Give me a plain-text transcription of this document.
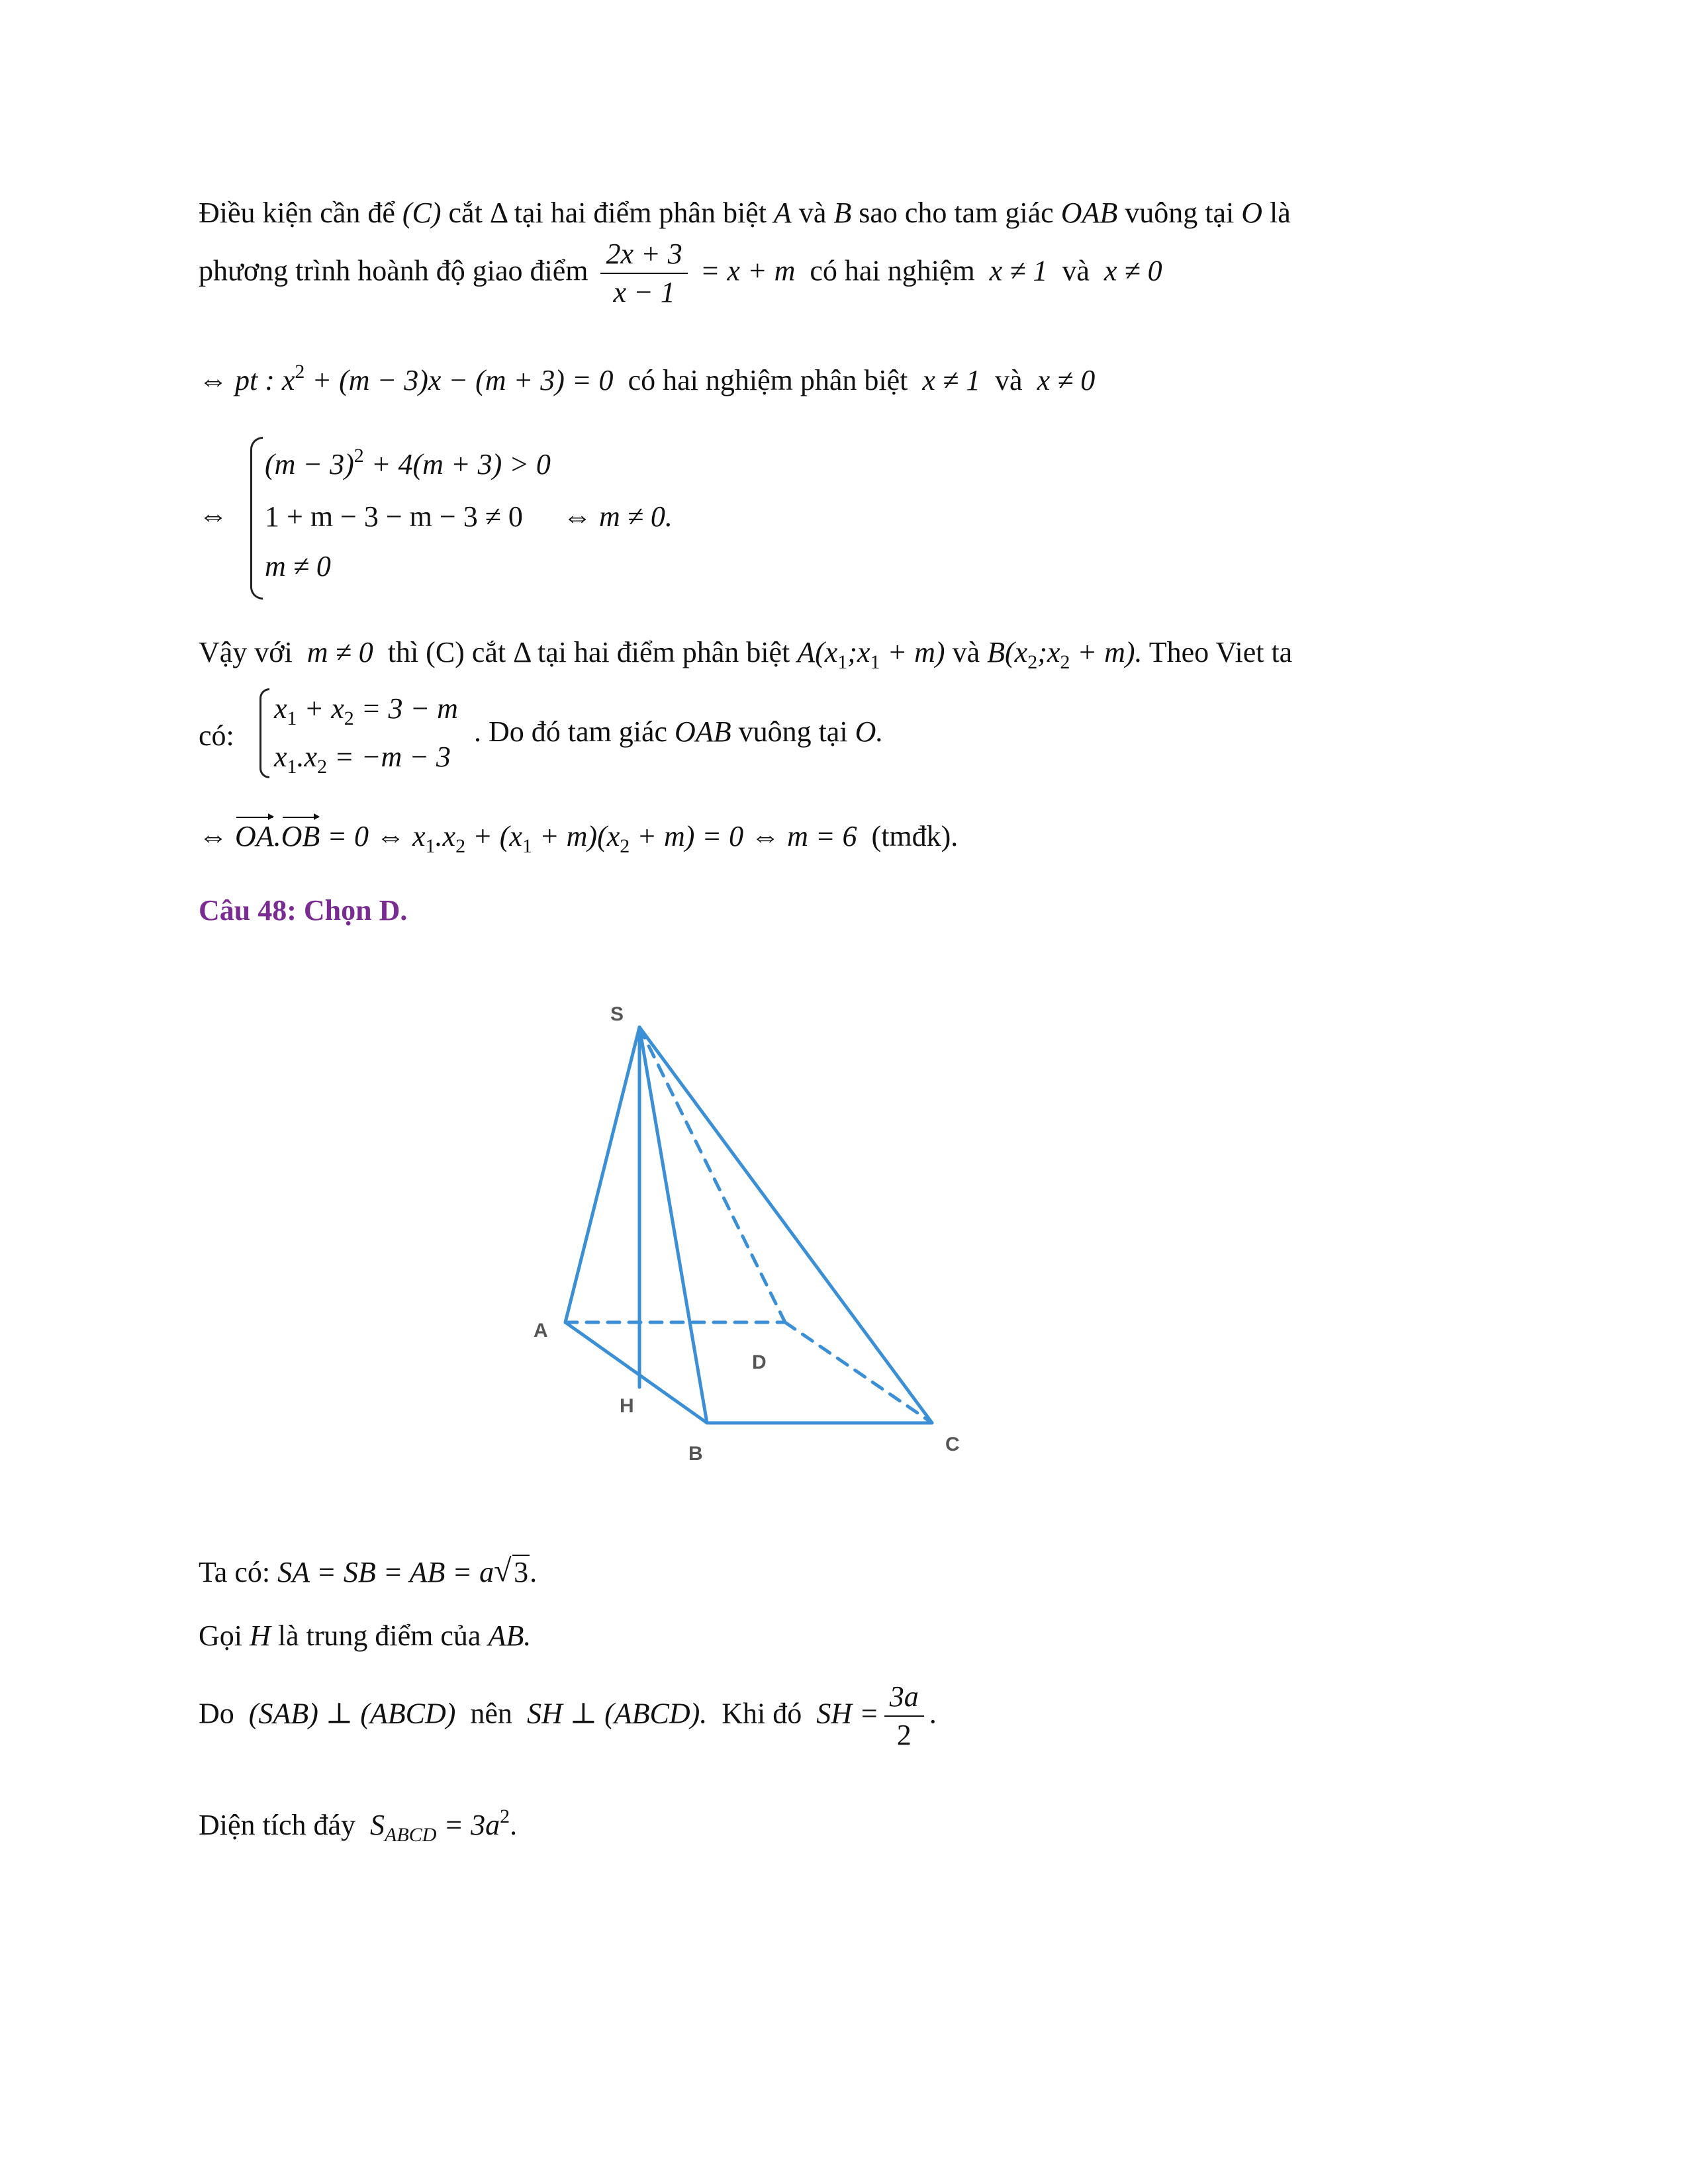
Điều kiện cần để (C) cắt Δ tại hai điểm phân biệt A và B sao cho tam giác OAB vuông tại O là
phương trình hoành độ giao điểm $\frac{2x + 3}{x - 1} = x + m$ có hai nghiệm x ≠ 1 và x ≠ 0
⇔ pt : $x^2 + (m - 3)x - (m + 3) = 0$ có hai nghiệm phân biệt x ≠ 1 và x ≠ 0
⇔
$(m - 3)^2 + 4(m + 3) > 0$
1 + m − 3 − m − 3 ≠ 0
m ≠ 0
⇔ m ≠ 0.
Vậy với m ≠ 0 thì (C) cắt Δ tại hai điểm phân biệt $A(x_1;x_1 + m)$ và $B(x_2;x_2 + m)$. Theo Viet ta
có:
$x_1 + x_2 = 3 - m$
$x_1.x_2 = -m - 3$
. Do đó tam giác OAB vuông tại O.
⇔ OA.OB = 0 ⇔ $x_1.x_2 + (x_1 + m)(x_2 + m) = 0$ ⇔ m = 6 (tmđk).
Câu 48: Chọn D.
S
A
D
H
B	C
Ta có: SA = SB = AB = a √ 3.
Gọi H là trung điểm của AB.
Do (SAB) ⊥ (ABCD) nên SH ⊥ (ABCD). Khi đó SH = $\frac{3a}{2}$ .
Diện tích đáy $S_{ABCD} = 3a^2$.
